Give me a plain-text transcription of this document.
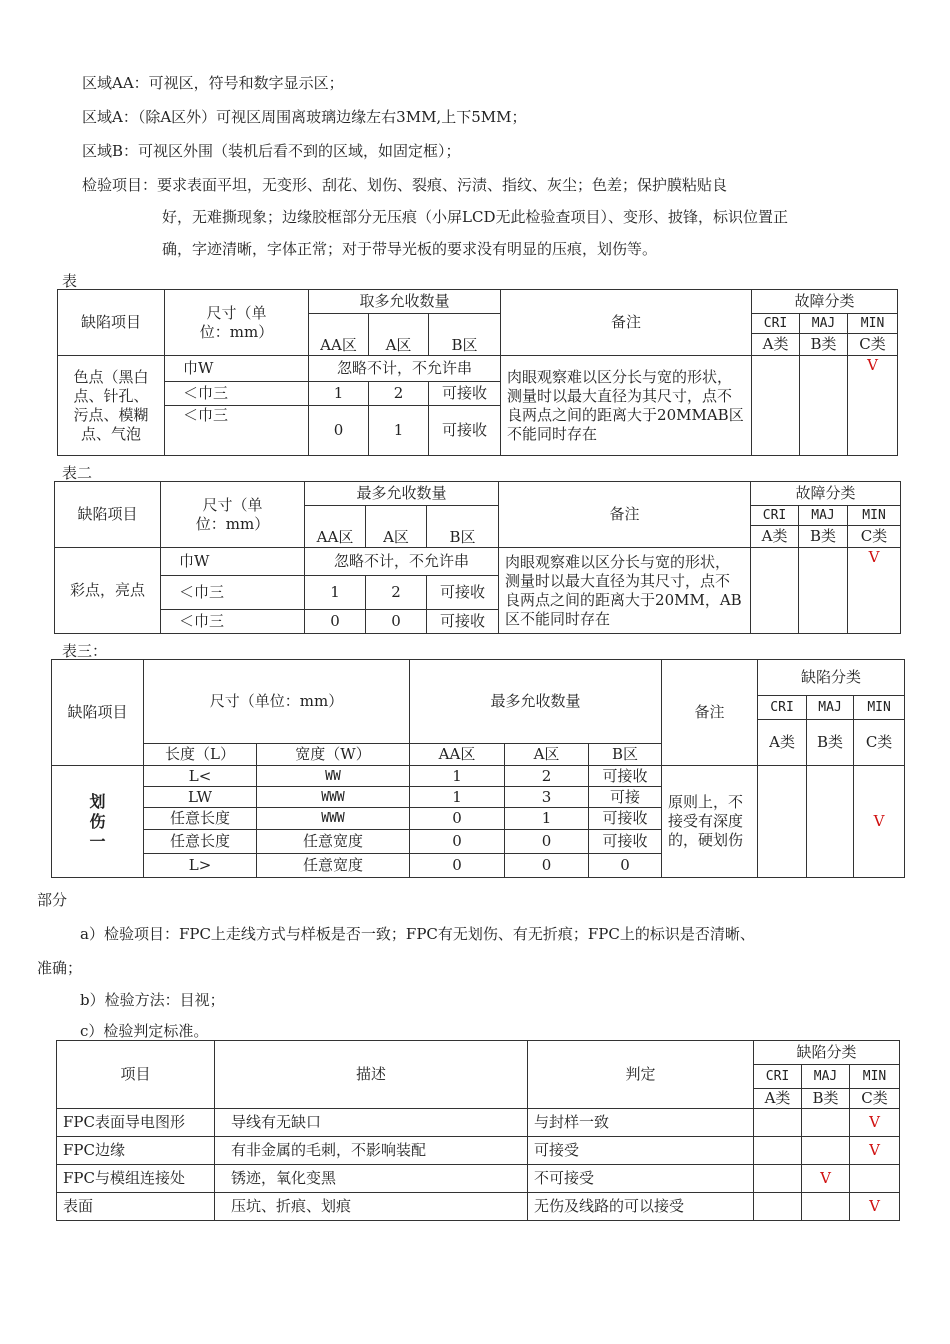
区域AA：可视区，符号和数字显示区；
区域A：（除A区外）可视区周围离玻璃边缘左右3MM,上下5MM；
区域B：可视区外围（装机后看不到的区域，如固定框）；
检验项目：要求表面平坦，无变形、刮花、划伤、裂痕、污渍、指纹、灰尘；色差；保护膜粘贴良
好，无难撕现象；边缘胶框部分无压痕（小屏LCD无此检验查项目）、变形、披锋，标识位置正
确，字迹清晰，字体正常；对于带导光板的要求没有明显的压痕，划伤等。
表
缺陷项目	尺寸（单位：mm）	取多允收数量			备注	故障分类		
		AA区	A区	B区		CRI	MAJ	MIN
						A类	B类	C类
色点（黑白点、针孔、污点、模糊点、气泡	巾W	忽略不计，不允许串			肉眼观察难以区分长与宽的形状，测量时以最大直径为其尺寸，点不良两点之间的距离大于20MMAB区不能同时存在			V
	＜巾三	1	2	可接收				
	＜巾三	0	1	可接收				
表二
缺陷项目	尺寸（单位：mm）	最多允收数量			备注	故障分类		
		AA区	A区	B区		CRI	MAJ	MIN
						A类	B类	C类
彩点，亮点	巾W	忽略不计，不允许串			肉眼观察难以区分长与宽的形状，测量时以最大直径为其尺寸，点不良两点之间的距离大于20MM，AB区不能同时存在			V
	＜巾三	1	2	可接收				
	＜巾三	0	0	可接收				
表三：
缺陷项目	尺寸（单位：mm）		最多允收数量			备注	缺陷分类		
							CRI	MAJ	MIN
							A类	B类	C类
	长度（L）	宽度（W）	AA区	A区	B区				
划伤一	L<	WW	1	2	可接收	原则上，不接受有深度的，硬划伤			V
	LW	WWW	1	3	可接				
	任意长度	WWW	0	1	可接收				
	任意长度	任意宽度	0	0	可接收				
	L>	任意宽度	0	0	0				
部分
a）检验项目：FPC上走线方式与样板是否一致；FPC有无划伤、有无折痕；FPC上的标识是否清晰、
准确；
b）检验方法：目视；
c）检验判定标准。
项目	描述	判定	缺陷分类		
			CRI	MAJ	MIN
			A类	B类	C类
FPC表面导电图形	导线有无缺口	与封样一致			V
FPC边缘	有非金属的毛刺，不影响装配	可接受			V
FPC与模组连接处	锈迹，氧化变黑	不可接受		V	
表面	压坑、折痕、划痕	无伤及线路的可以接受			V
